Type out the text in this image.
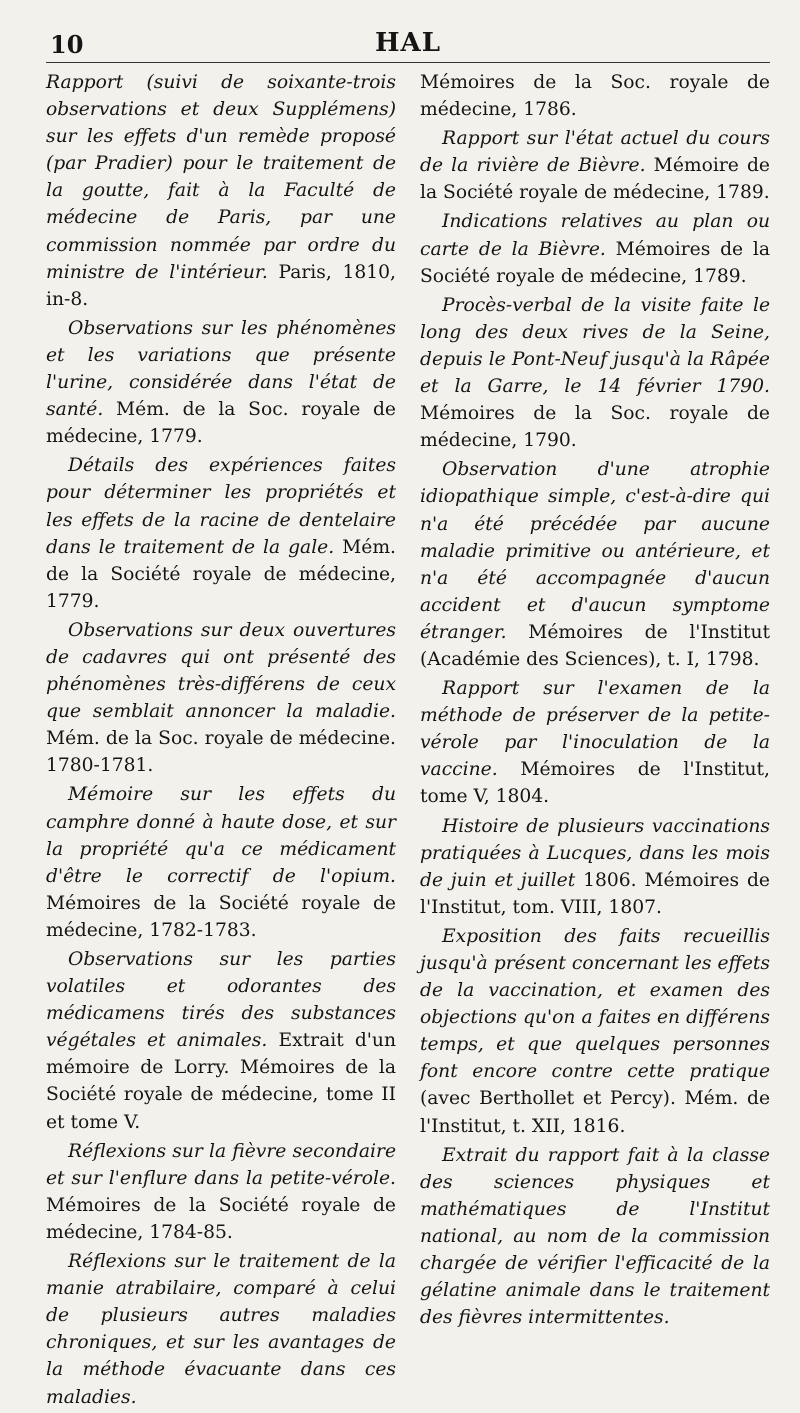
10	HAL

Rapport (suivi de soixante-trois observations et deux Supplémens) sur les effets d'un remède proposé (par Pradier) pour le traitement de la goutte, fait à la Faculté de médecine de Paris, par une commission nommée par ordre du ministre de l'intérieur. Paris, 1810, in-8.

Observations sur les phénomènes et les variations que présente l'urine, considérée dans l'état de santé. Mém. de la Soc. royale de médecine, 1779.

Détails des expériences faites pour déterminer les propriétés et les effets de la racine de dentelaire dans le traitement de la gale. Mém. de la Société royale de médecine, 1779.

Observations sur deux ouvertures de cadavres qui ont présenté des phénomènes très-différens de ceux que semblait annoncer la maladie. Mém. de la Soc. royale de médecine. 1780-1781.

Mémoire sur les effets du camphre donné à haute dose, et sur la propriété qu'a ce médicament d'être le correctif de l'opium. Mémoires de la Société royale de médecine, 1782-1783.

Observations sur les parties volatiles et odorantes des médicamens tirés des substances végétales et animales. Extrait d'un mémoire de Lorry. Mémoires de la Société royale de médecine, tome II et tome V.

Réflexions sur la fièvre secondaire et sur l'enflure dans la petite-vérole. Mémoires de la Société royale de médecine, 1784-85.

Réflexions sur le traitement de la manie atrabilaire, comparé à celui de plusieurs autres maladies chroniques, et sur les avantages de la méthode évacuante dans ces maladies.

Mémoires de la Soc. royale de médecine, 1786.

Rapport sur l'état actuel du cours de la rivière de Bièvre. Mémoire de la Société royale de médecine, 1789.

Indications relatives au plan ou carte de la Bièvre. Mémoires de la Société royale de médecine, 1789.

Procès-verbal de la visite faite le long des deux rives de la Seine, depuis le Pont-Neuf jusqu'à la Râpée et la Garre, le 14 février 1790. Mémoires de la Soc. royale de médecine, 1790.

Observation d'une atrophie idiopathique simple, c'est-à-dire qui n'a été précédée par aucune maladie primitive ou antérieure, et n'a été accompagnée d'aucun accident et d'aucun symptome étranger. Mémoires de l'Institut (Académie des Sciences), t. I, 1798.

Rapport sur l'examen de la méthode de préserver de la petite-vérole par l'inoculation de la vaccine. Mémoires de l'Institut, tome V, 1804.

Histoire de plusieurs vaccinations pratiquées à Lucques, dans les mois de juin et juillet 1806. Mémoires de l'Institut, tom. VIII, 1807.

Exposition des faits recueillis jusqu'à présent concernant les effets de la vaccination, et examen des objections qu'on a faites en différens temps, et que quelques personnes font encore contre cette pratique (avec Berthollet et Percy). Mém. de l'Institut, t. XII, 1816.

Extrait du rapport fait à la classe des sciences physiques et mathématiques de l'Institut national, au nom de la commission chargée de vérifier l'efficacité de la gélatine animale dans le traitement des fièvres intermittentes.
